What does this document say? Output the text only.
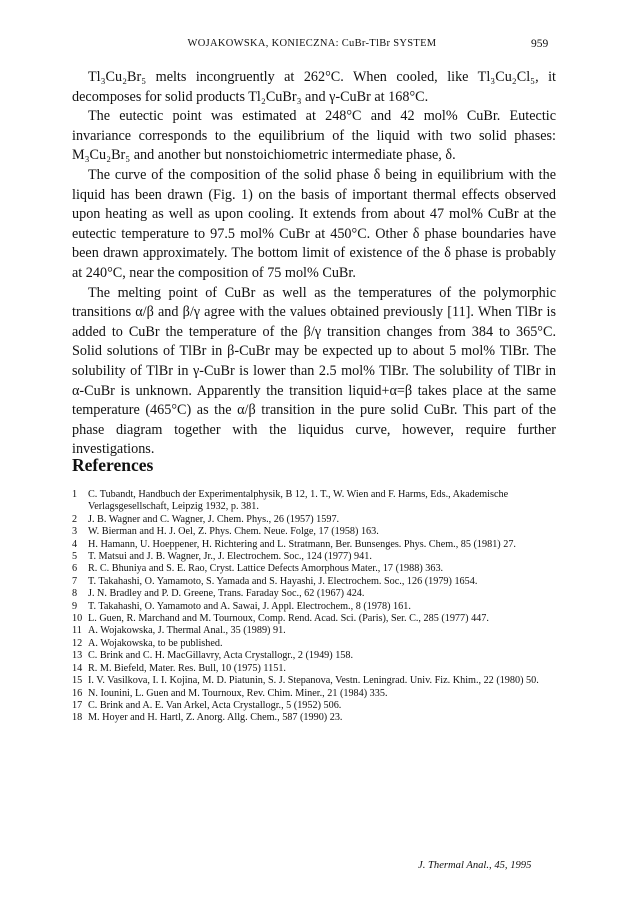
WOJAKOWSKA, KONIECZNA: CuBr-TlBr SYSTEM	959

Tl₃Cu₂Br₅ melts incongruently at 262°C. When cooled, like Tl₃Cu₂Cl₅, it decomposes for solid products Tl₂CuBr₃ and γ-CuBr at 168°C.

The eutectic point was estimated at 248°C and 42 mol% CuBr. Eutectic invariance corresponds to the equilibrium of the liquid with two solid phases: M₃Cu₂Br₅ and another but nonstoichiometric intermediate phase, δ.

The curve of the composition of the solid phase δ being in equilibrium with the liquid has been drawn (Fig. 1) on the basis of important thermal effects observed upon heating as well as upon cooling. It extends from about 47 mol% CuBr at the eutectic temperature to 97.5 mol% CuBr at 450°C. Other δ phase boundaries have been drawn approximately. The bottom limit of existence of the δ phase is probably at 240°C, near the composition of 75 mol% CuBr.

The melting point of CuBr as well as the temperatures of the polymorphic transitions α/β and β/γ agree with the values obtained previously [11]. When TlBr is added to CuBr the temperature of the β/γ transition changes from 384 to 365°C. Solid solutions of TlBr in β-CuBr may be expected up to about 5 mol% TlBr. The solubility of TlBr in γ-CuBr is lower than 2.5 mol% TlBr. The solubility of TlBr in α-CuBr is unknown. Apparently the transition liquid+α=β takes place at the same temperature (465°C) as the α/β transition in the pure solid CuBr. This part of the phase diagram together with the liquidus curve, however, require further investigations.

References
1 C. Tubandt, Handbuch der Experimentalphysik, B 12, 1. T., W. Wien and F. Harms, Eds., Akademische Verlagsgesellschaft, Leipzig 1932, p. 381.
2 J. B. Wagner and C. Wagner, J. Chem. Phys., 26 (1957) 1597.
3 W. Bierman and H. J. Oel, Z. Phys. Chem. Neue. Folge, 17 (1958) 163.
4 H. Hamann, U. Hoeppener, H. Richtering and L. Stratmann, Ber. Bunsenges. Phys. Chem., 85 (1981) 27.
5 T. Matsui and J. B. Wagner, Jr., J. Electrochem. Soc., 124 (1977) 941.
6 R. C. Bhuniya and S. E. Rao, Cryst. Lattice Defects Amorphous Mater., 17 (1988) 363.
7 T. Takahashi, O. Yamamoto, S. Yamada and S. Hayashi, J. Electrochem. Soc., 126 (1979) 1654.
8 J. N. Bradley and P. D. Greene, Trans. Faraday Soc., 62 (1967) 424.
9 T. Takahashi, O. Yamamoto and A. Sawai, J. Appl. Electrochem., 8 (1978) 161.
10 L. Guen, R. Marchand and M. Tournoux, Comp. Rend. Acad. Sci. (Paris), Ser. C., 285 (1977) 447.
11 A. Wojakowska, J. Thermal Anal., 35 (1989) 91.
12 A. Wojakowska, to be published.
13 C. Brink and C. H. MacGillavry, Acta Crystallogr., 2 (1949) 158.
14 R. M. Biefeld, Mater. Res. Bull, 10 (1975) 1151.
15 I. V. Vasilkova, I. I. Kojina, M. D. Piatunin, S. J. Stepanova, Vestn. Leningrad. Univ. Fiz. Khim., 22 (1980) 50.
16 N. Iounini, L. Guen and M. Tournoux, Rev. Chim. Miner., 21 (1984) 335.
17 C. Brink and A. E. Van Arkel, Acta Crystallogr., 5 (1952) 506.
18 M. Hoyer and H. Hartl, Z. Anorg. Allg. Chem., 587 (1990) 23.
J. Thermal Anal., 45, 1995
